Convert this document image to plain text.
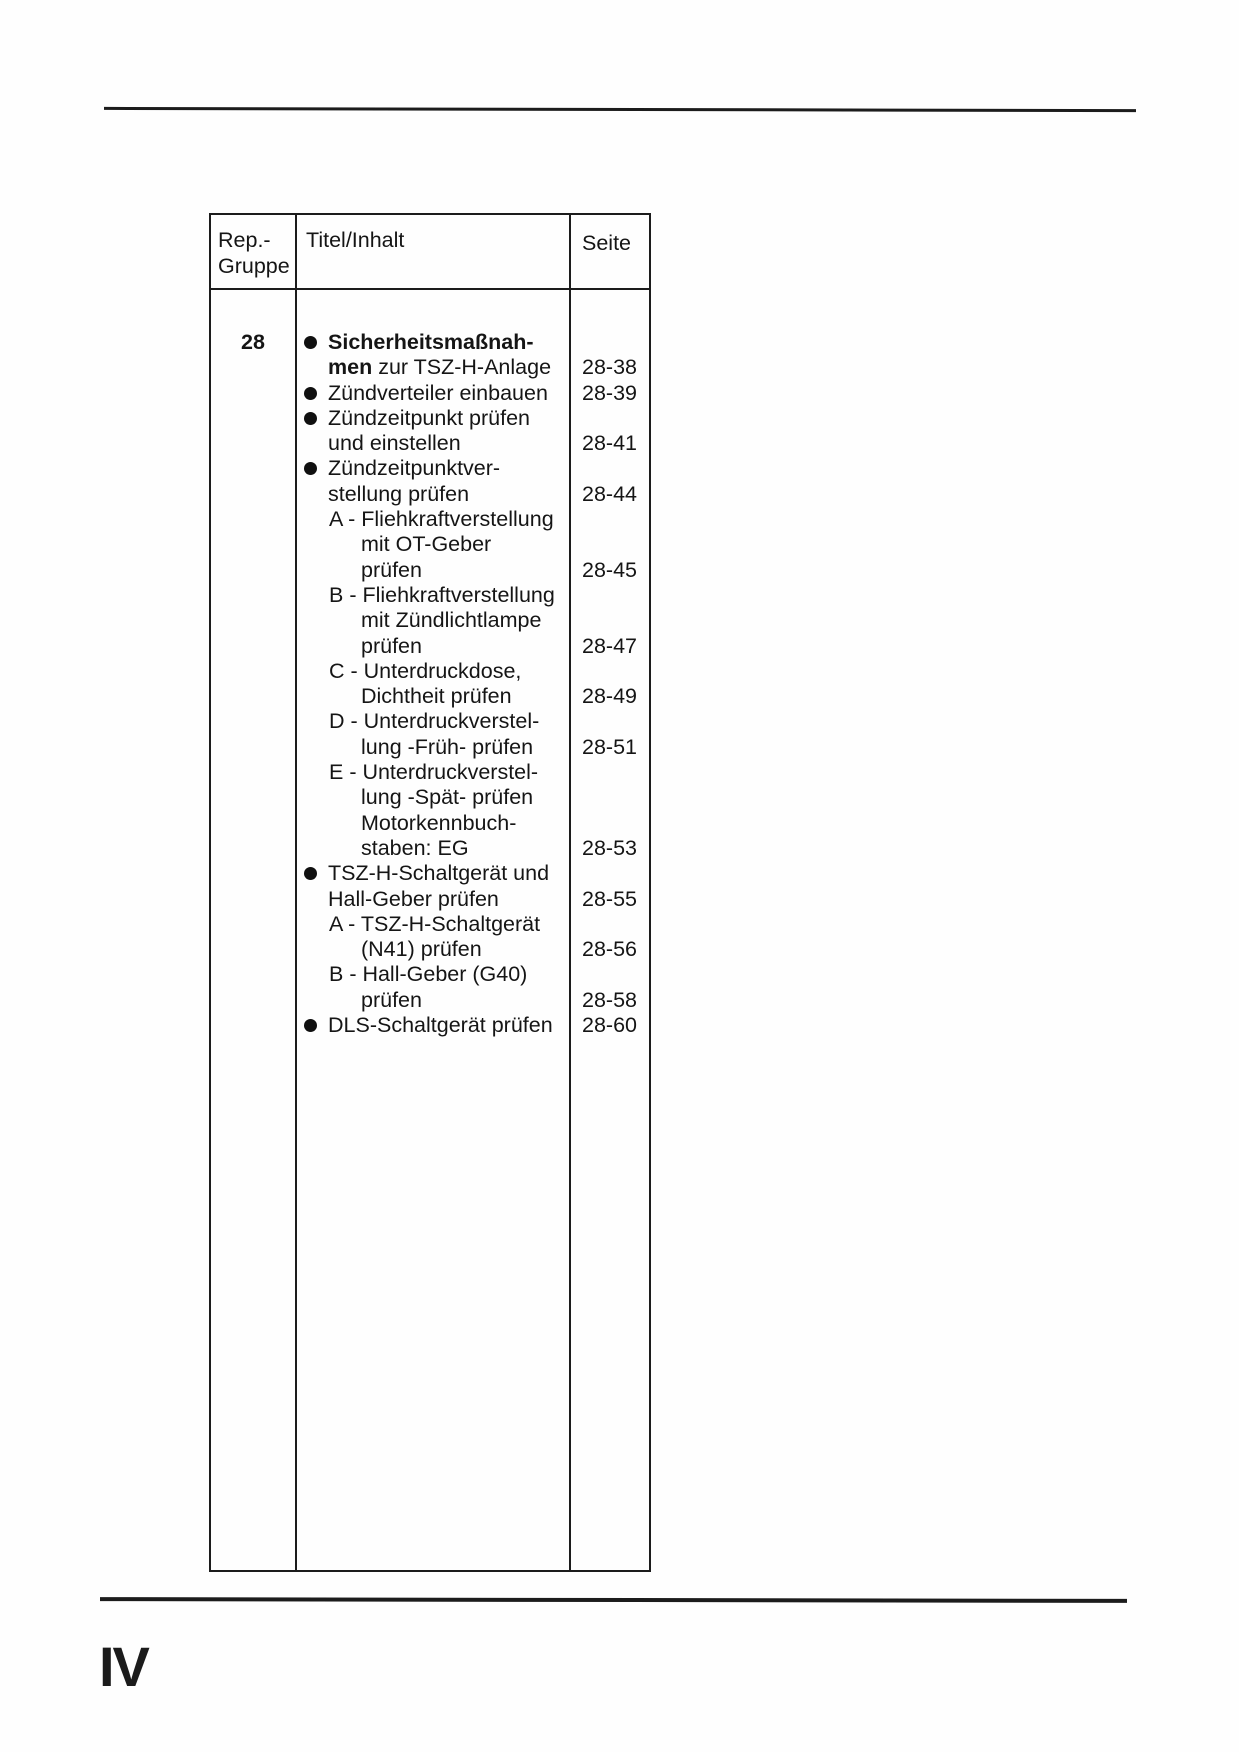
Rep.-
Gruppe
Titel/Inhalt	Seite
28	Sicherheitsmaßnah-
men zur TSZ-H-Anlage 28-38
Zündverteiler einbauen 28-39
Zündzeitpunkt prüfen
und einstellen	28-41
Zündzeitpunktver-
stellung prüfen	28-44
A - Fliehkraftverstellung
mit OT-Geber
prüfen	28-45
B - Fliehkraftverstellung
mit Zündlichtlampe
prüfen	28-47
C - Unterdruckdose,
Dichtheit prüfen	28-49
D - Unterdruckverstel-
lung -Früh- prüfen 28-51
E - Unterdruckverstel-
lung -Spät- prüfen
Motorkennbuch-
staben: EG	28-53
TSZ-H-Schaltgerät und
Hall-Geber prüfen	28-55
A - TSZ-H-Schaltgerät
(N41) prüfen	28-56
B - Hall-Geber (G40)
prüfen	28-58
DLS-Schaltgerät prüfen 28-60
IV
